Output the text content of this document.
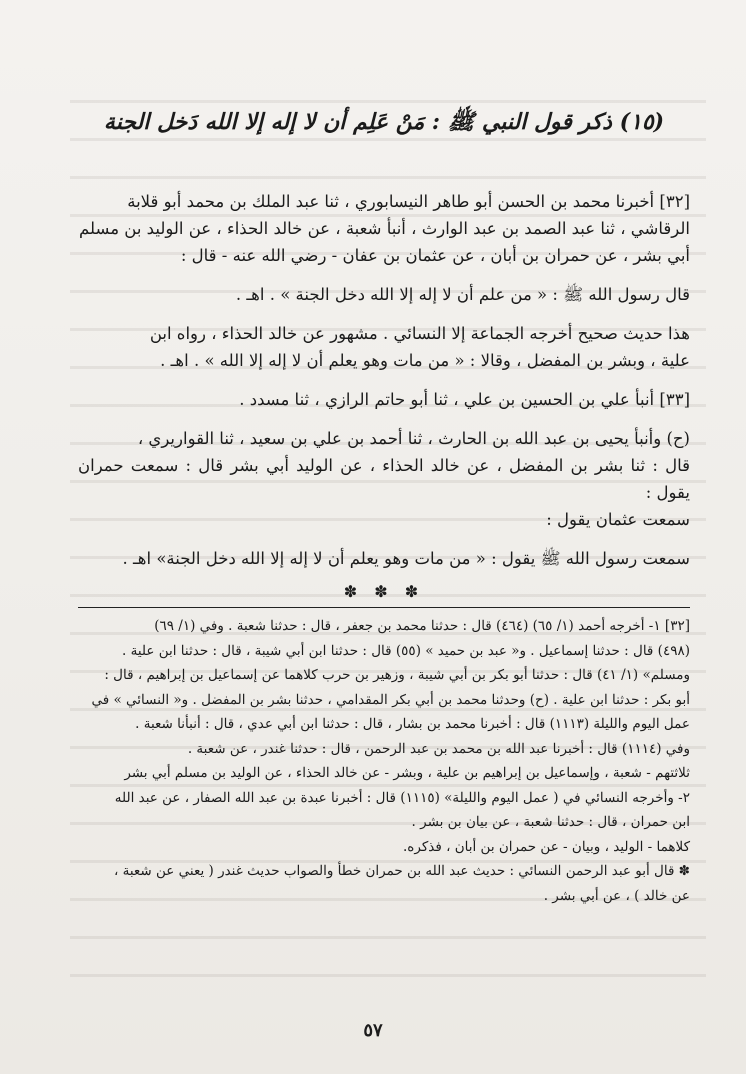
(١٥) ذكر قول النبي ﷺ : مَنْ عَلِم أن لا إله إلا الله دَخل الجنة

[٣٢] أخبرنا محمد بن الحسن أبو طاهر النيسابوري ، ثنا عبد الملك بن محمد أبو قلابة

الرقاشي ، ثنا عبد الصمد بن عبد الوارث ، أنبأ شعبة ، عن خالد الحذاء ، عن الوليد بن مسلم

أبي بشر ، عن حمران بن أبان ، عن عثمان بن عفان - رضي الله عنه - قال :

قال رسول الله ﷺ : « من علم أن لا إله إلا الله دخل الجنة » . اهـ .

هذا حديث صحيح أخرجه الجماعة إلا النسائي . مشهور عن خالد الحذاء ، رواه ابن

علية ، وبشر بن المفضل ، وقالا : « من مات وهو يعلم أن لا إله إلا الله » . اهـ .

[٣٣] أنبأ علي بن الحسين بن علي ، ثنا أبو حاتم الرازي ، ثنا مسدد .

(ح) وأنبأ يحيى بن عبد الله بن الحارث ، ثنا أحمد بن علي بن سعيد ، ثنا القواريري ،

قال : ثنا بشر بن المفضل ، عن خالد الحذاء ، عن الوليد أبي بشر قال : سمعت حمران يقول :

سمعت عثمان يقول :

سمعت رسول الله ﷺ يقول : « من مات وهو يعلم أن لا إله إلا الله دخل الجنة» اهـ .

✽ ✽ ✽

[٣٢] ١- أخرجه أحمد (١/ ٦٥) (٤٦٤) قال : حدثنا محمد بن جعفر ، قال : حدثنا شعبة . وفي (١/ ٦٩)

(٤٩٨) قال : حدثنا إسماعيل . و« عبد بن حميد » (٥٥) قال : حدثنا ابن أبي شيبة ، قال : حدثنا ابن علية .

ومسلم» (١/ ٤١) قال : حدثنا أبو بكر بن أبي شيبة ، وزهير بن حرب كلاهما عن إسماعيل بن إبراهيم ، قال :

أبو بكر : حدثنا ابن علية . (ح) وحدثنا محمد بن أبي بكر المقدامي ، حدثنا بشر بن المفضل . و« النسائي » في

عمل اليوم والليلة (١١١٣) قال : أخبرنا محمد بن بشار ، قال : حدثنا ابن أبي عدي ، قال : أنبأنا شعبة .

وفي (١١١٤) قال : أخبرنا عبد الله بن محمد بن عبد الرحمن ، قال : حدثنا غندر ، عن شعبة .

ثلاثتهم - شعبة ، وإسماعيل بن إبراهيم بن علية ، وبشر - عن خالد الحذاء ، عن الوليد بن مسلم أبي بشر

٢- وأخرجه النسائي في ( عمل اليوم والليلة» (١١١٥) قال : أخبرنا عبدة بن عبد الله الصفار ، عن عبد الله

ابن حمران ، قال : حدثنا شعبة ، عن بيان بن بشر .

كلاهما - الوليد ، وبيان - عن حمران بن أبان ، فذكره.

✽ قال أبو عبد الرحمن النسائي : حديث عبد الله بن حمران خطأ والصواب حديث غندر ( يعني عن شعبة ،

عن خالد ) ، عن أبي بشر .

٥٧
